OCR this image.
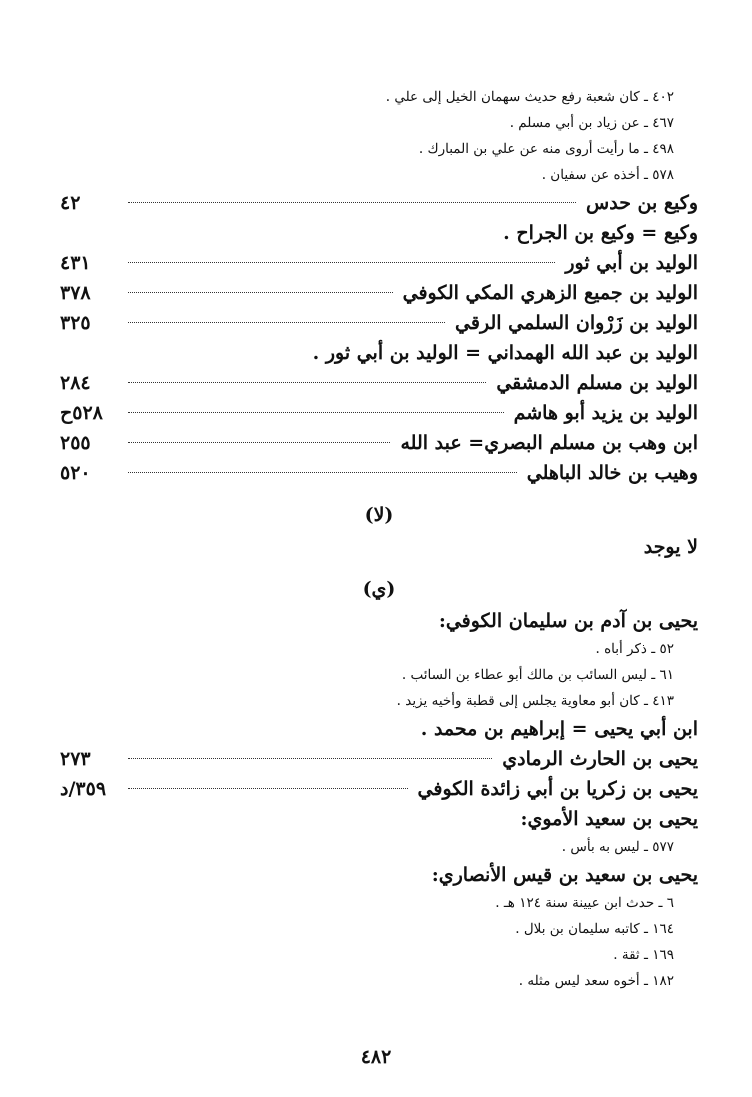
٤٠٢ ـ كان شعبة رفع حديث سهمان الخيل إلى علي .
٤٦٧ ـ عن زياد بن أبي مسلم .
٤٩٨ ـ ما رأيت أروى منه عن علي بن المبارك .
٥٧٨ ـ أخذه عن سفيان .
وكيع بن حدس
٤٢
وكيع = وكيع بن الجراح .
الوليد بن أبي ثور
٤٣١
الوليد بن جميع الزهري المكي الكوفي
٣٧٨
الوليد بن زَرْوان السلمي الرقي
٣٢٥
الوليد بن عبد الله الهمداني = الوليد بن أبي ثور .
الوليد بن مسلم الدمشقي
٢٨٤
الوليد بن يزيد أبو هاشم
٥٢٨ح
ابن وهب بن مسلم البصري= عبد الله
٢٥٥
وهيب بن خالد الباهلي
٥٢٠
(لا)
لا يوجد
(ي)
يحيى بن آدم بن سليمان الكوفي:
٥٢ ـ ذكر أباه .
٦١ ـ ليس السائب بن مالك أبو عطاء بن السائب .
٤١٣ ـ كان أبو معاوية يجلس إلى قطبة وأخيه يزيد .
ابن أبي يحيى = إبراهيم بن محمد .
يحيى بن الحارث الرمادي
٢٧٣
يحيى بن زكريا بن أبي زائدة الكوفي
٣٥٩/د
يحيى بن سعيد الأموي:
٥٧٧ ـ ليس به بأس .
يحيى بن سعيد بن قيس الأنصاري:
٦ ـ حدث ابن عيينة سنة ١٢٤ هـ .
١٦٤ ـ كاتبه سليمان بن بلال .
١٦٩ ـ ثقة .
١٨٢ ـ أخوه سعد ليس مثله .
٤٨٢
